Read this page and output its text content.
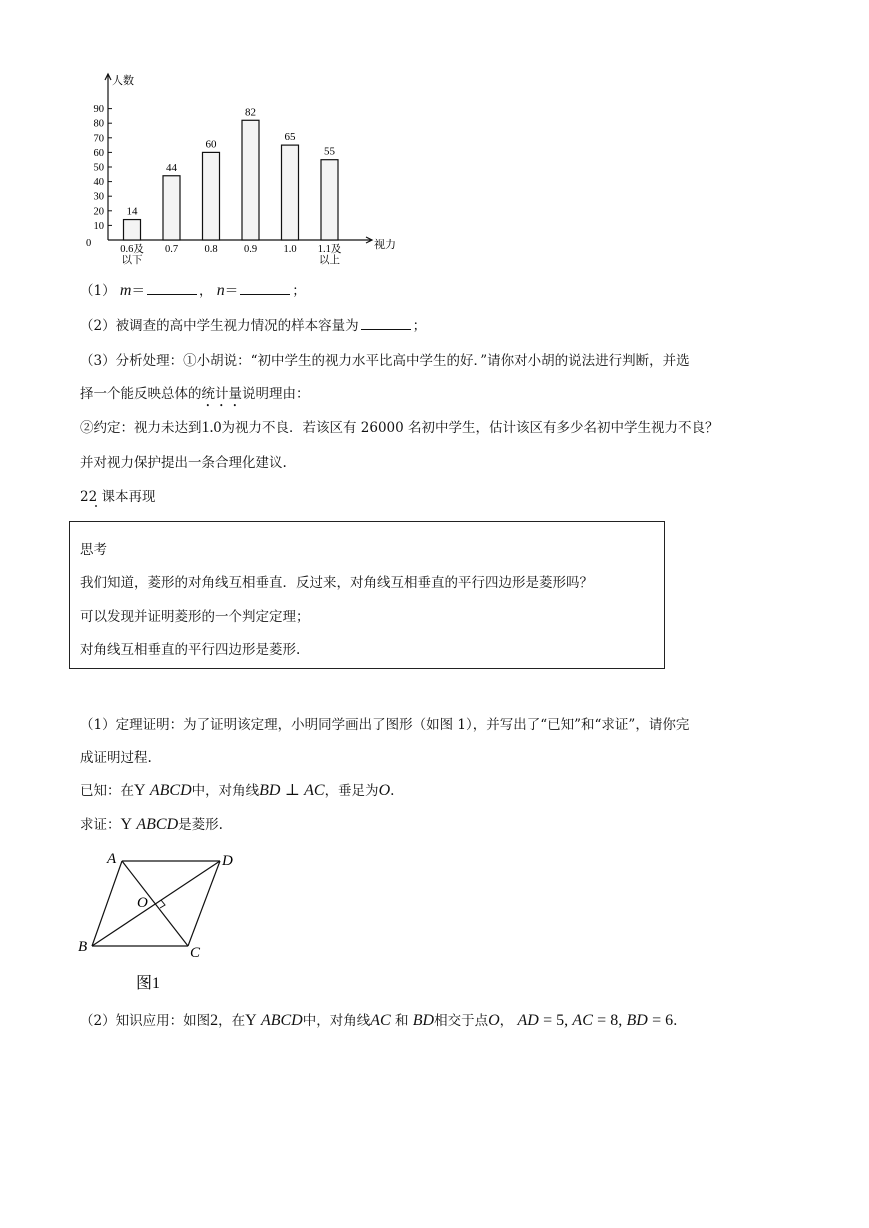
人数
视力
90
80
70
60
50
40
30
20
10
0
14
0.6及
以下
44
0.7
60
0.8
82
0.9
65
1.0
55
1.1及
以上
（1） m＝	， n＝	；
（2）被调查的高中学生视力情况的样本容量为	；
（3）分析处理：①小胡说：“初中学生的视力水平比高中学生的好．”请你对小胡的说法进行判断，并选
择一个能反映总体的统计量说明理由：
②约定：视力未达到1.0为视力不良．若该区有 26000 名初中学生，估计该区有多少名初中学生视力不良？
并对视力保护提出一条合理化建议.
22 课本再现
思考
我们知道，菱形的对角线互相垂直．反过来，对角线互相垂直的平行四边形是菱形吗？
可以发现并证明菱形的一个判定定理；
对角线互相垂直的平行四边形是菱形.
（1）定理证明：为了证明该定理，小明同学画出了图形（如图 1），并写出了“已知”和“求证”，请你完
成证明过程.
已知：在Y ABCD中，对角线BD ⊥ AC，垂足为O.
求证：Y ABCD是菱形.
A	D
O
B	C
图1
（2）知识应用：如图2，在Y ABCD中，对角线AC 和 BD相交于点O， AD = 5, AC = 8, BD = 6.
